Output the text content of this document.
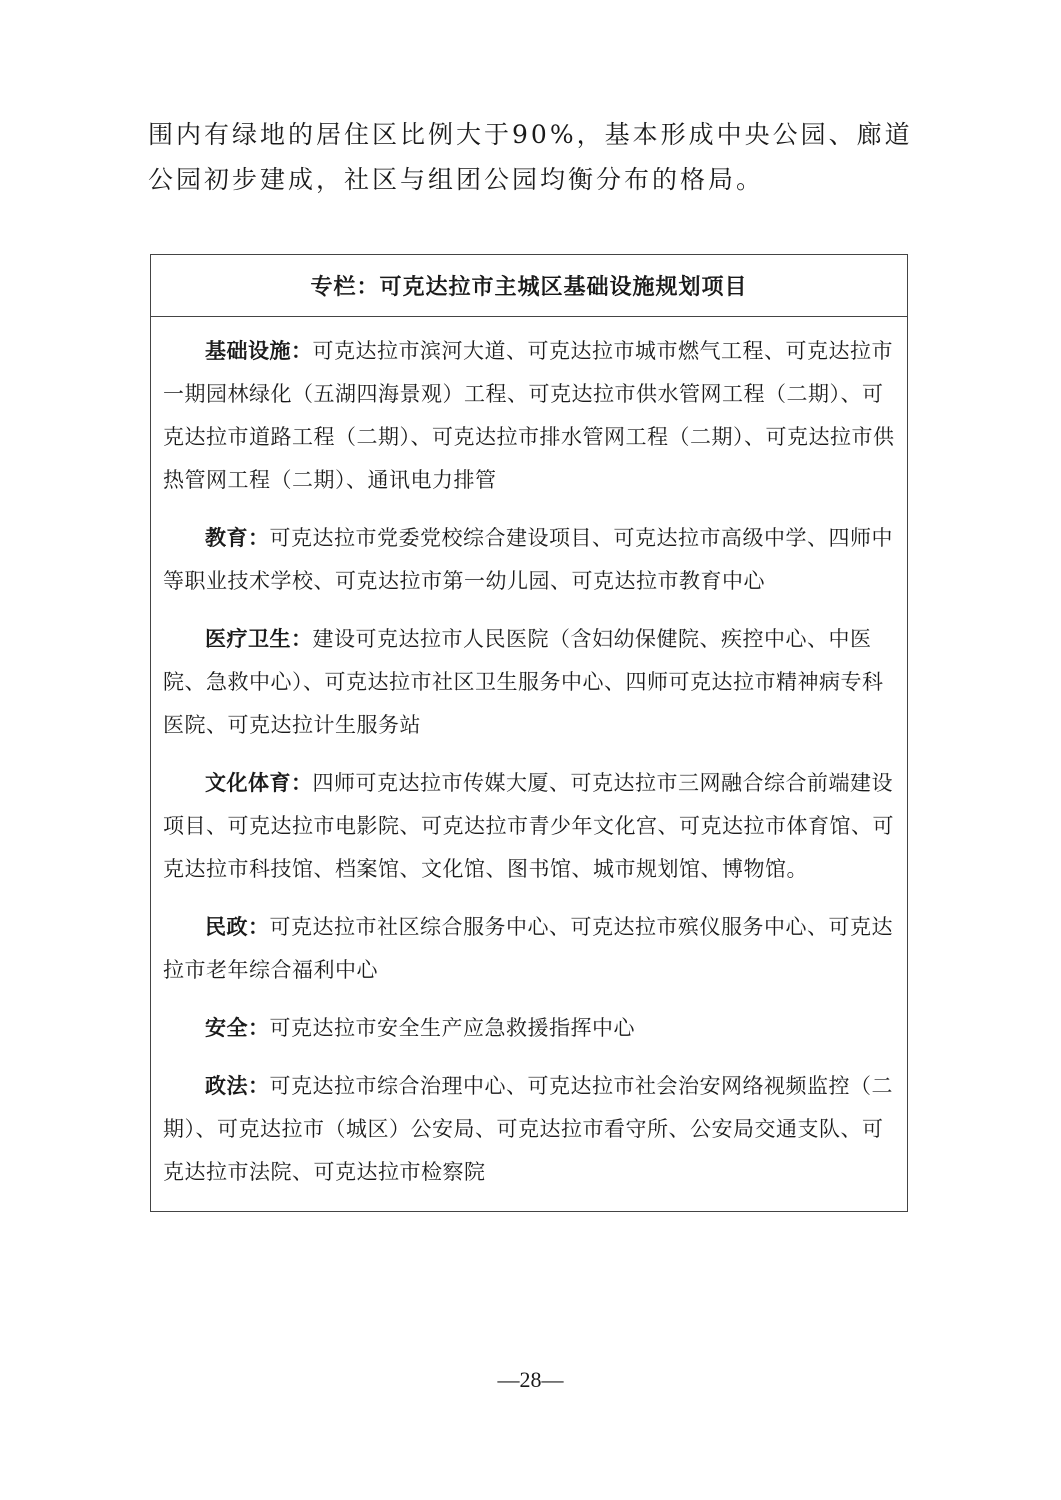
围内有绿地的居住区比例大于90%，基本形成中央公园、廊道

公园初步建成，社区与组团公园均衡分布的格局。

专栏：可克达拉市主城区基础设施规划项目

基础设施：可克达拉市滨河大道、可克达拉市城市燃气工程、可克达拉市一期园林绿化（五湖四海景观）工程、可克达拉市供水管网工程（二期）、可克达拉市道路工程（二期）、可克达拉市排水管网工程（二期）、可克达拉市供热管网工程（二期）、通讯电力排管

教育：可克达拉市党委党校综合建设项目、可克达拉市高级中学、四师中等职业技术学校、可克达拉市第一幼儿园、可克达拉市教育中心

医疗卫生：建设可克达拉市人民医院（含妇幼保健院、疾控中心、中医院、急救中心）、可克达拉市社区卫生服务中心、四师可克达拉市精神病专科医院、可克达拉计生服务站

文化体育：四师可克达拉市传媒大厦、可克达拉市三网融合综合前端建设项目、可克达拉市电影院、可克达拉市青少年文化宫、可克达拉市体育馆、可克达拉市科技馆、档案馆、文化馆、图书馆、城市规划馆、博物馆。

民政：可克达拉市社区综合服务中心、可克达拉市殡仪服务中心、可克达拉市老年综合福利中心

安全：可克达拉市安全生产应急救援指挥中心

政法：可克达拉市综合治理中心、可克达拉市社会治安网络视频监控（二期）、可克达拉市（城区）公安局、可克达拉市看守所、公安局交通支队、可克达拉市法院、可克达拉市检察院

—28—
